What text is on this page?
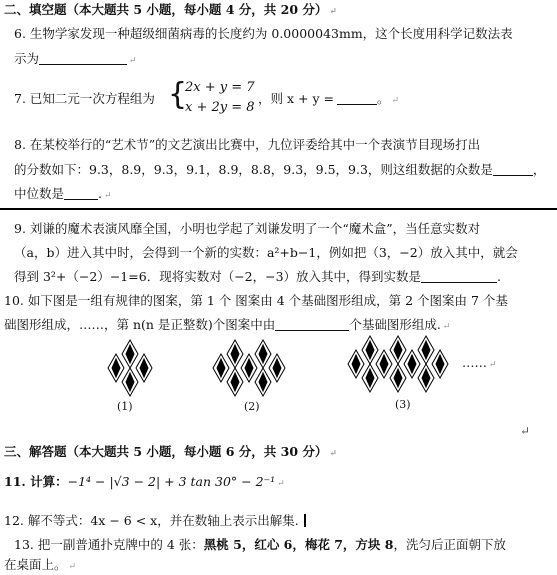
二、填空题（本大题共 5 小题，每小题 4 分，共 20 分） ↵
6. 生物学家发现一种超级细菌病毒的长度约为 0.0000043mm，这个长度用科学记数法表
示为	↵
7. 已知二元一次方程组为 {
2x + y = 7
x + 2y = 8
，则 x + y =	。 ↵
8. 在某校举行的“艺术节”的文艺演出比赛中，九位评委给其中一个表演节目现场打出
的分数如下：9.3，8.9，9.3，9.1，8.9，8.8，9.3，9.5，9.3，则这组数据的众数是	，
中位数是	. ↵
9. 刘谦的魔术表演风靡全国，小明也学起了刘谦发明了一个“魔术盒”，当任意实数对
（a，b）进入其中时，会得到一个新的实数：a²+b−1，例如把（3，−2）放入其中，就会
得到 3²+（−2）−1=6．现将实数对（−2，−3）放入其中，得到实数是	.
10. 如下图是一组有规律的图案，第 1 个 图案由 4 个基础图形组成，第 2 个图案由 7 个基
础图形组成，……，第 n(n 是正整数)个图案中由	个基础图形组成. ↵
(1)	(2)	(3)
…… ↵
三、解答题（本大题共 5 小题，每小题 6 分，共 30 分） ↵
11. 计算：−1⁴ − |√3 − 2| + 3 tan 30° − 2⁻¹ ↵
12. 解不等式：4x − 6 < x，并在数轴上表示出解集.
13. 把一副普通扑克牌中的 4 张：黑桃 5，红心 6，梅花 7，方块 8，洗匀后正面朝下放
在桌面上。 ↵
↵
